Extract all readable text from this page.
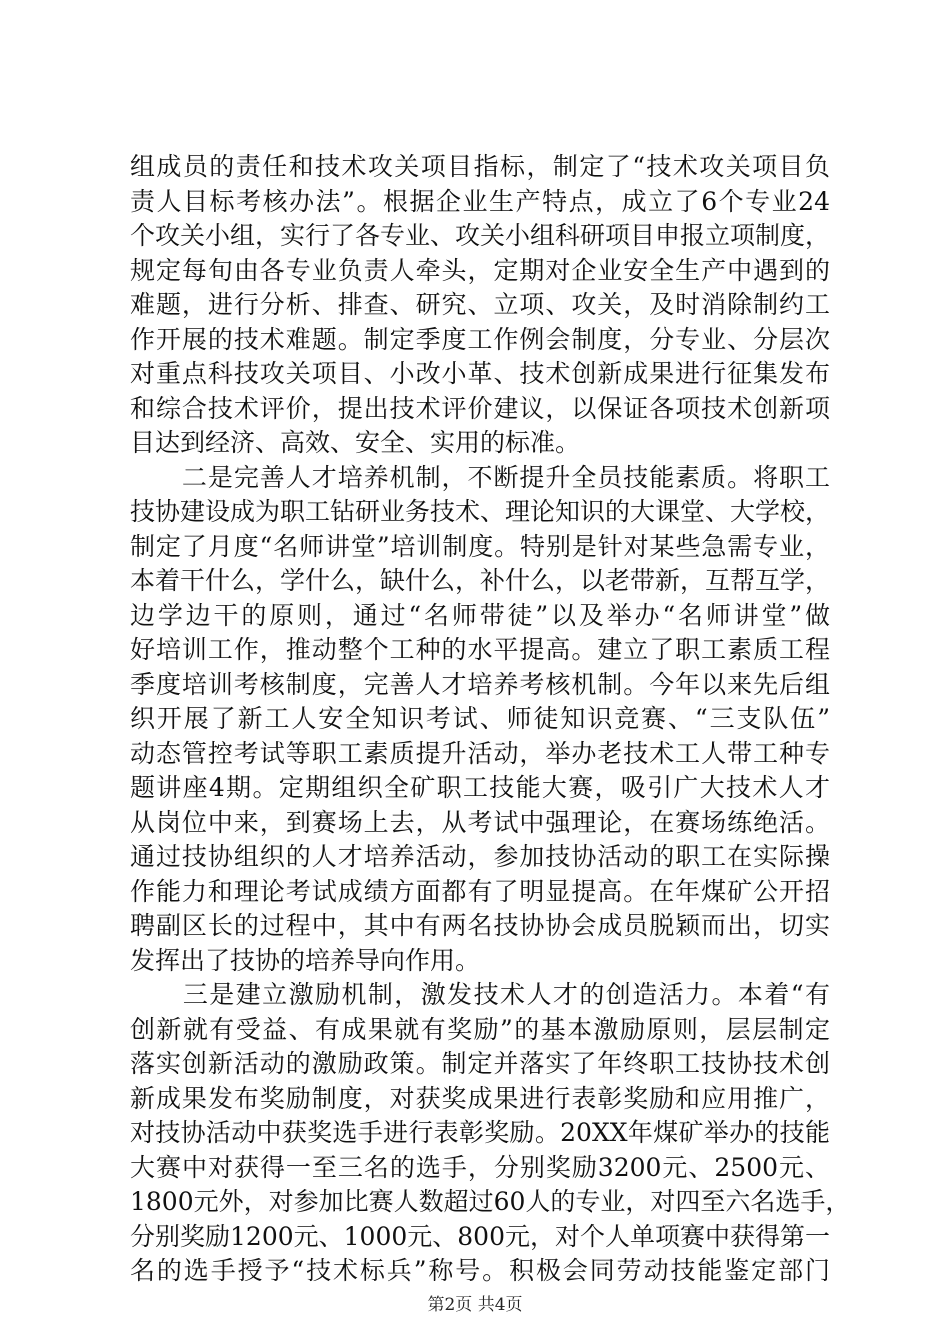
组成员的责任和技术攻关项目指标，制定了“技术攻关项目负
责人目标考核办法”。根据企业生产特点，成立了6个专业24
个攻关小组，实行了各专业、攻关小组科研项目申报立项制度，
规定每旬由各专业负责人牵头，定期对企业安全生产中遇到的
难题，进行分析、排查、研究、立项、攻关，及时消除制约工
作开展的技术难题。制定季度工作例会制度，分专业、分层次
对重点科技攻关项目、小改小革、技术创新成果进行征集发布
和综合技术评价，提出技术评价建议，以保证各项技术创新项
目达到经济、高效、安全、实用的标准。
　　二是完善人才培养机制，不断提升全员技能素质。将职工
技协建设成为职工钻研业务技术、理论知识的大课堂、大学校，
制定了月度“名师讲堂”培训制度。特别是针对某些急需专业，
本着干什么，学什么，缺什么，补什么，以老带新，互帮互学，
边学边干的原则，通过“名师带徒”以及举办“名师讲堂”做
好培训工作，推动整个工种的水平提高。建立了职工素质工程
季度培训考核制度，完善人才培养考核机制。今年以来先后组
织开展了新工人安全知识考试、师徒知识竞赛、“三支队伍”
动态管控考试等职工素质提升活动，举办老技术工人带工种专
题讲座4期。定期组织全矿职工技能大赛，吸引广大技术人才
从岗位中来，到赛场上去，从考试中强理论，在赛场练绝活。
通过技协组织的人才培养活动，参加技协活动的职工在实际操
作能力和理论考试成绩方面都有了明显提高。在年煤矿公开招
聘副区长的过程中，其中有两名技协协会成员脱颖而出，切实
发挥出了技协的培养导向作用。
　　三是建立激励机制，激发技术人才的创造活力。本着“有
创新就有受益、有成果就有奖励”的基本激励原则，层层制定
落实创新活动的激励政策。制定并落实了年终职工技协技术创
新成果发布奖励制度，对获奖成果进行表彰奖励和应用推广，
对技协活动中获奖选手进行表彰奖励。20XX年煤矿举办的技能
大赛中对获得一至三名的选手，分别奖励3200元、2500元、
1800元外，对参加比赛人数超过60人的专业，对四至六名选手，
分别奖励1200元、1000元、800元，对个人单项赛中获得第一
名的选手授予“技术标兵”称号。积极会同劳动技能鉴定部门
第2页 共4页
